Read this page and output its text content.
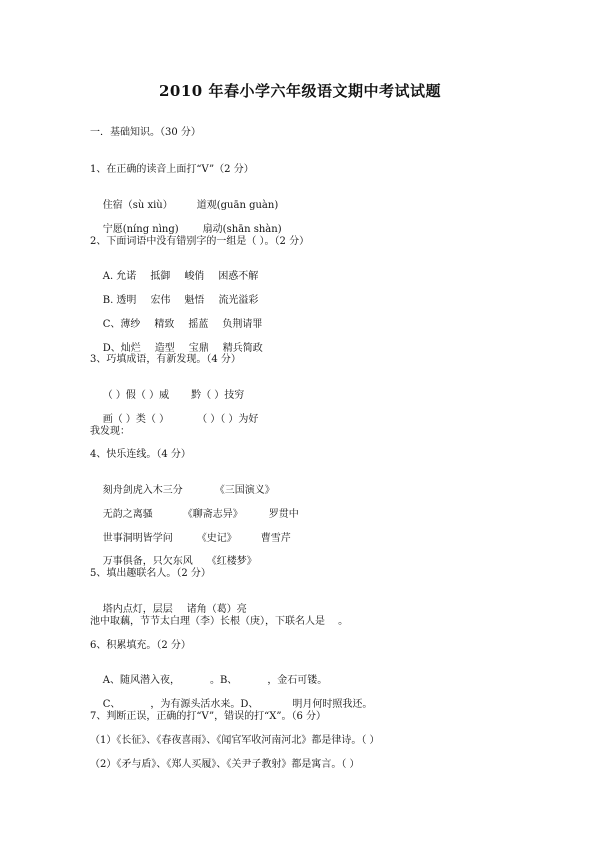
2010 年春小学六年级语文期中考试试题
一．基础知识。（30 分）
1、在正确的读音上面打“V”（2 分）

住宿（sù xiù） 道观(guān guàn)

宁愿(níng nìng) 扇动(shān shàn)

2、下面词语中没有错别字的一组是（ ）。（2 分）

A. 允诺 抵御 峻俏 困惑不解

B. 透明 宏伟 魁悟 流光溢彩

C、薄纱 精致 摇蓝 负荆请罪

D、灿烂 造型 宝鼎 精兵简政

3、巧填成语，有新发现。（4 分）

（ ）假（ ）威 黔（ ）技穷

画（ ）类（ ）	（ ）（ ）为好

我发现：
4、快乐连线。（4 分）

刻舟剑虎入木三分	《三国演义》

无韵之离骚	《聊斋志异》	罗贯中

世事洞明皆学问 《史记》 曹雪芹

万事俱备，只欠东风 《红楼梦》

5、填出趣联名人。（2 分）

塔内点灯，层层 诸角（葛）亮

池中取藕，节节太白理（李）长根（庚），下联名人是　 。
6、积累填充。（2 分）

A、随风潜入夜，	。B、	，金石可镂。

C、	，为有源头活水来。D、	明月何时照我还。

7、判断正误，正确的打“V”，错误的打“X”。（6 分）
（1）《长征》、《春夜喜雨》、《闻官军收河南河北》都是律诗。（ ）
（2）《矛与盾》、《郑人买履》、《关尹子教射》都是寓言。（ ）
